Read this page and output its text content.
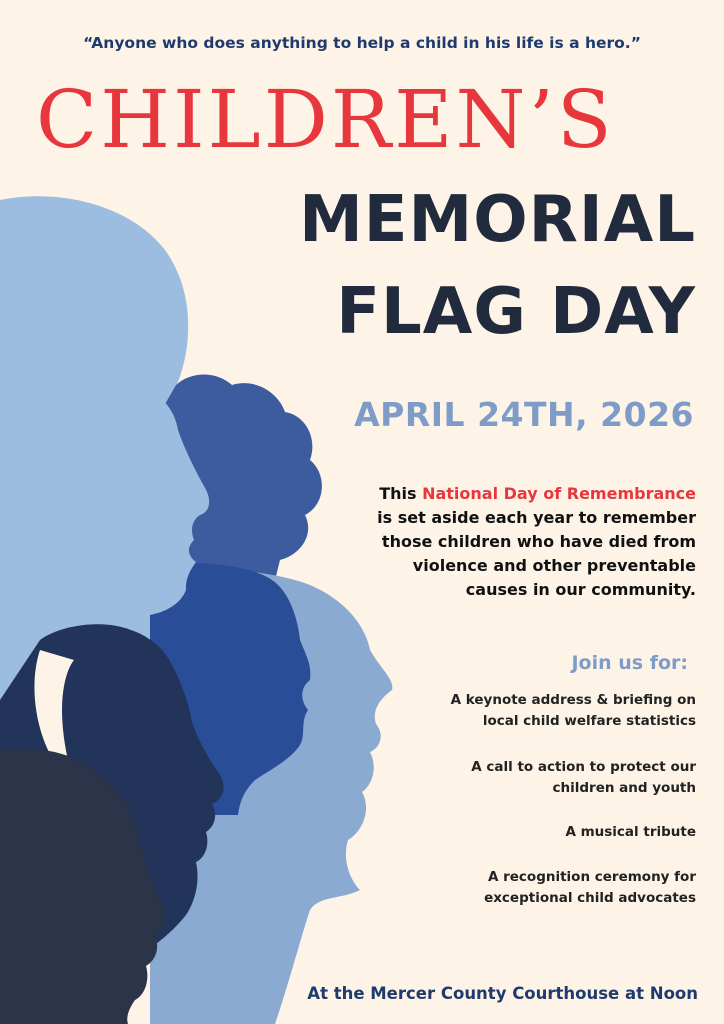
“Anyone who does anything to help a child in his life is a hero.”
CHILDREN’S
MEMORIAL
FLAG DAY
APRIL 24TH, 2026
This National Day of Remembrance
is set aside each year to remember
those children who have died from
violence and other preventable
causes in our community.
Join us for:
A keynote address & briefing on
local child welfare statistics
A call to action to protect our
children and youth
A musical tribute
A recognition ceremony for
exceptional child advocates
At the Mercer County Courthouse at Noon
